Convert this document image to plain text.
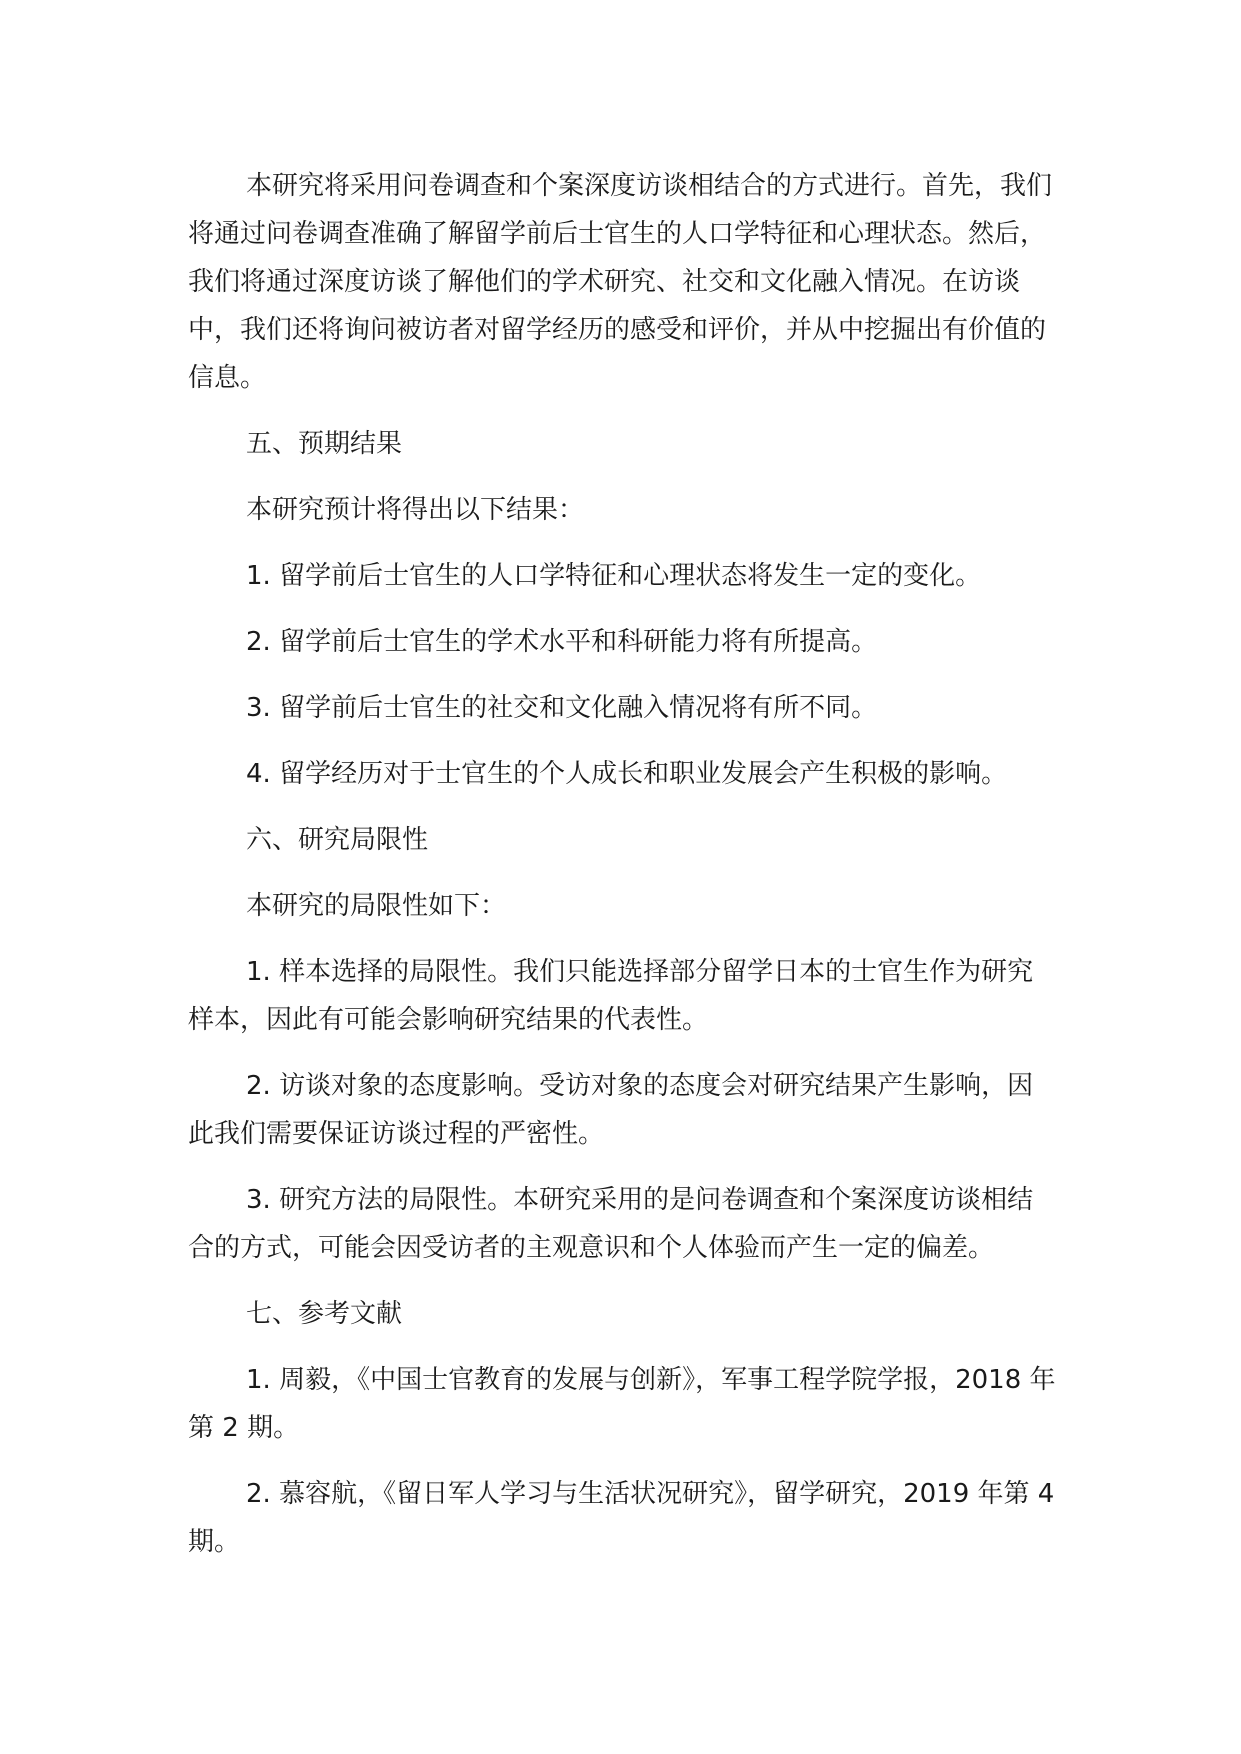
本研究将采用问卷调查和个案深度访谈相结合的方式进行。首先，我们将通过问卷调查准确了解留学前后士官生的人口学特征和心理状态。然后，我们将通过深度访谈了解他们的学术研究、社交和文化融入情况。在访谈中，我们还将询问被访者对留学经历的感受和评价，并从中挖掘出有价值的信息。

五、预期结果

本研究预计将得出以下结果：

1. 留学前后士官生的人口学特征和心理状态将发生一定的变化。

2. 留学前后士官生的学术水平和科研能力将有所提高。

3. 留学前后士官生的社交和文化融入情况将有所不同。

4. 留学经历对于士官生的个人成长和职业发展会产生积极的影响。

六、研究局限性

本研究的局限性如下：

1. 样本选择的局限性。我们只能选择部分留学日本的士官生作为研究样本，因此有可能会影响研究结果的代表性。

2. 访谈对象的态度影响。受访对象的态度会对研究结果产生影响，因此我们需要保证访谈过程的严密性。

3. 研究方法的局限性。本研究采用的是问卷调查和个案深度访谈相结合的方式，可能会因受访者的主观意识和个人体验而产生一定的偏差。

七、参考文献

1. 周毅，《中国士官教育的发展与创新》，军事工程学院学报，2018 年第 2 期。

2. 慕容航，《留日军人学习与生活状况研究》，留学研究，2019 年第 4 期。
